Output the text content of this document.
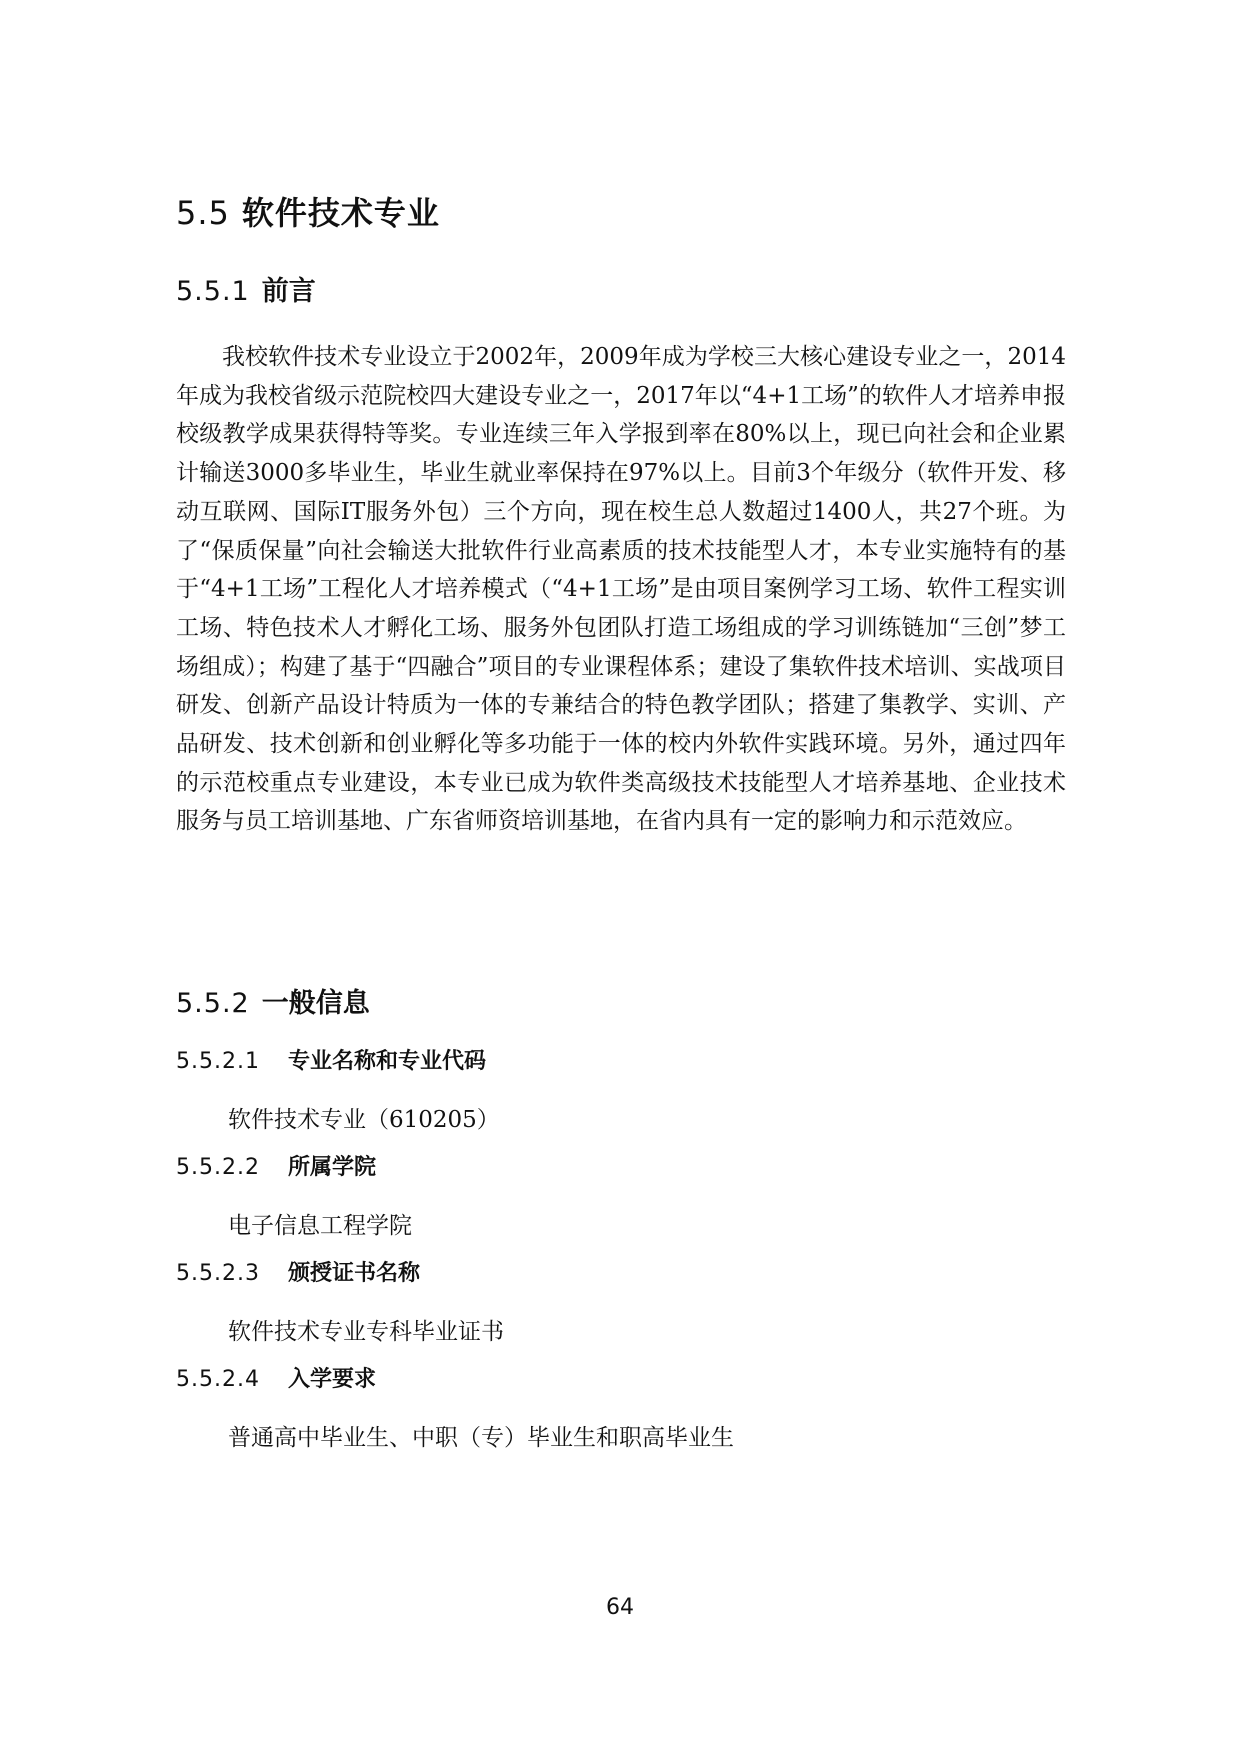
5.5 软件技术专业
5.5.1 前言

我校软件技术专业设立于2002年，2009年成为学校三大核心建设专业之一，2014年成为我校省级示范院校四大建设专业之一，2017年以“4+1工场”的软件人才培养申报校级教学成果获得特等奖。专业连续三年入学报到率在80%以上，现已向社会和企业累计输送3000多毕业生，毕业生就业率保持在97%以上。目前3个年级分（软件开发、移动互联网、国际IT服务外包）三个方向，现在校生总人数超过1400人，共27个班。为了“保质保量”向社会输送大批软件行业高素质的技术技能型人才，本专业实施特有的基于“4+1工场”工程化人才培养模式（“4+1工场”是由项目案例学习工场、软件工程实训工场、特色技术人才孵化工场、服务外包团队打造工场组成的学习训练链加“三创”梦工场组成）；构建了基于“四融合”项目的专业课程体系；建设了集软件技术培训、实战项目研发、创新产品设计特质为一体的专兼结合的特色教学团队；搭建了集教学、实训、产品研发、技术创新和创业孵化等多功能于一体的校内外软件实践环境。另外，通过四年的示范校重点专业建设，本专业已成为软件类高级技术技能型人才培养基地、企业技术服务与员工培训基地、广东省师资培训基地，在省内具有一定的影响力和示范效应。

5.5.2 一般信息
5.5.2.1 专业名称和专业代码
软件技术专业（610205）
5.5.2.2 所属学院
电子信息工程学院
5.5.2.3 颁授证书名称
软件技术专业专科毕业证书
5.5.2.4 入学要求
普通高中毕业生、中职（专）毕业生和职高毕业生
64
